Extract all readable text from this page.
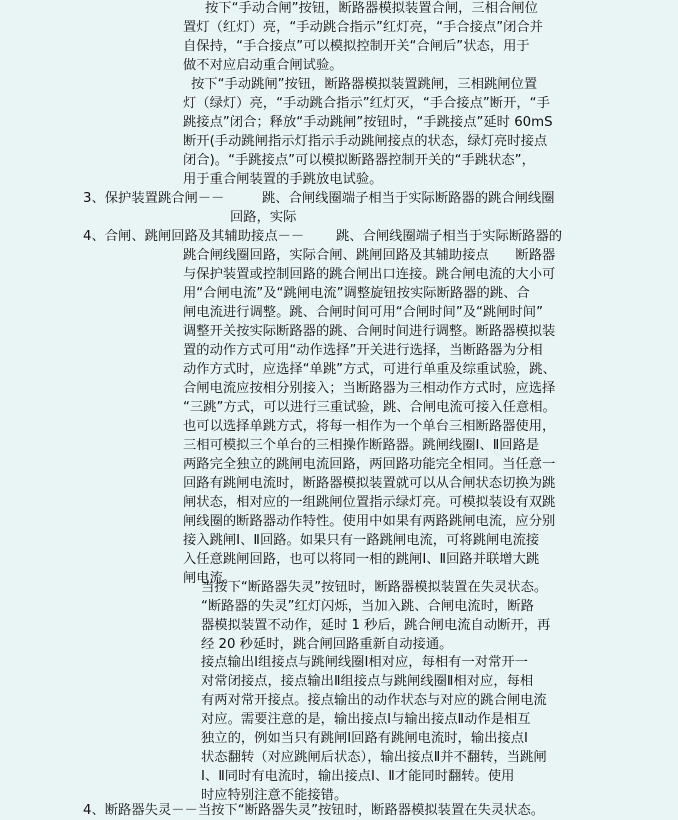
按下“手动合闸”按钮，断路器模拟装置合闸，三相合闸位
置灯（红灯）亮，“手动跳合指示”红灯亮，“手合接点”闭合并
自保持，“手合接点”可以模拟控制开关“合闸后”状态，用于
做不对应启动重合闸试验。
按下“手动跳闸”按钮，断路器模拟装置跳闸，三相跳闸位置
灯（绿灯）亮，“手动跳合指示”红灯灭，“手合接点”断开，“手
跳接点”闭合；释放“手动跳闸”按钮时，“手跳接点”延时 60mS
断开(手动跳闸指示灯指示手动跳闸接点的状态，绿灯亮时接点
闭合)。“手跳接点”可以模拟断路器控制开关的“手跳状态”，
用于重合闸装置的手跳放电试验。
3、保护装置跳合闸－－	跳、合闸线圈端子相当于实际断路器的跳合闸线圈
回路，实际
4、合闸、跳闸回路及其辅助接点－－ 跳、合闸线圈端子相当于实际断路器的
跳合闸线圈回路，实际合闸、跳闸回路及其辅助接点　　断路器
与保护装置或控制回路的跳合闸出口连接。跳合闸电流的大小可
用“合闸电流”及“跳闸电流”调整旋钮按实际断路器的跳、合
闸电流进行调整。跳、合闸时间可用“合闸时间”及“跳闸时间”
调整开关按实际断路器的跳、合闸时间进行调整。断路器模拟装
置的动作方式可用“动作选择”开关进行选择，当断路器为分相
动作方式时，应选择“单跳”方式，可进行单重及综重试验，跳、
合闸电流应按相分别接入；当断路器为三相动作方式时，应选择
“三跳”方式，可以进行三重试验，跳、合闸电流可接入任意相。
也可以选择单跳方式，将每一相作为一个单台三相断路器使用，
三相可模拟三个单台的三相操作断路器。跳闸线圈Ⅰ、Ⅱ回路是
两路完全独立的跳闸电流回路，两回路功能完全相同。当任意一
回路有跳闸电流时，断路器模拟装置就可以从合闸状态切换为跳
闸状态，相对应的一组跳闸位置指示绿灯亮。可模拟装设有双跳
闸线圈的断路器动作特性。使用中如果有两路跳闸电流，应分别
接入跳闸Ⅰ、Ⅱ回路。如果只有一路跳闸电流，可将跳闸电流接
入任意跳闸回路，也可以将同一相的跳闸Ⅰ、Ⅱ回路并联增大跳
闸电流。
当按下“断路器失灵”按钮时，断路器模拟装置在失灵状态。
“断路器的失灵”红灯闪烁，当加入跳、合闸电流时，断路
器模拟装置不动作，延时 1 秒后，跳合闸电流自动断开，再
经 20 秒延时，跳合闸回路重新自动接通。
接点输出Ⅰ组接点与跳闸线圈Ⅰ相对应，每相有一对常开一
对常闭接点，接点输出Ⅱ组接点与跳闸线圈Ⅱ相对应，每相
有两对常开接点。接点输出的动作状态与对应的跳合闸电流
对应。需要注意的是，输出接点Ⅰ与输出接点Ⅱ动作是相互
独立的，例如当只有跳闸Ⅰ回路有跳闸电流时，输出接点Ⅰ
状态翻转（对应跳闸后状态），输出接点Ⅱ并不翻转，当跳闸
Ⅰ、Ⅱ同时有电流时，输出接点Ⅰ、Ⅱ才能同时翻转。使用
时应特别注意不能接错。
4、断路器失灵－－当按下“断路器失灵”按钮时，断路器模拟装置在失灵状态。
